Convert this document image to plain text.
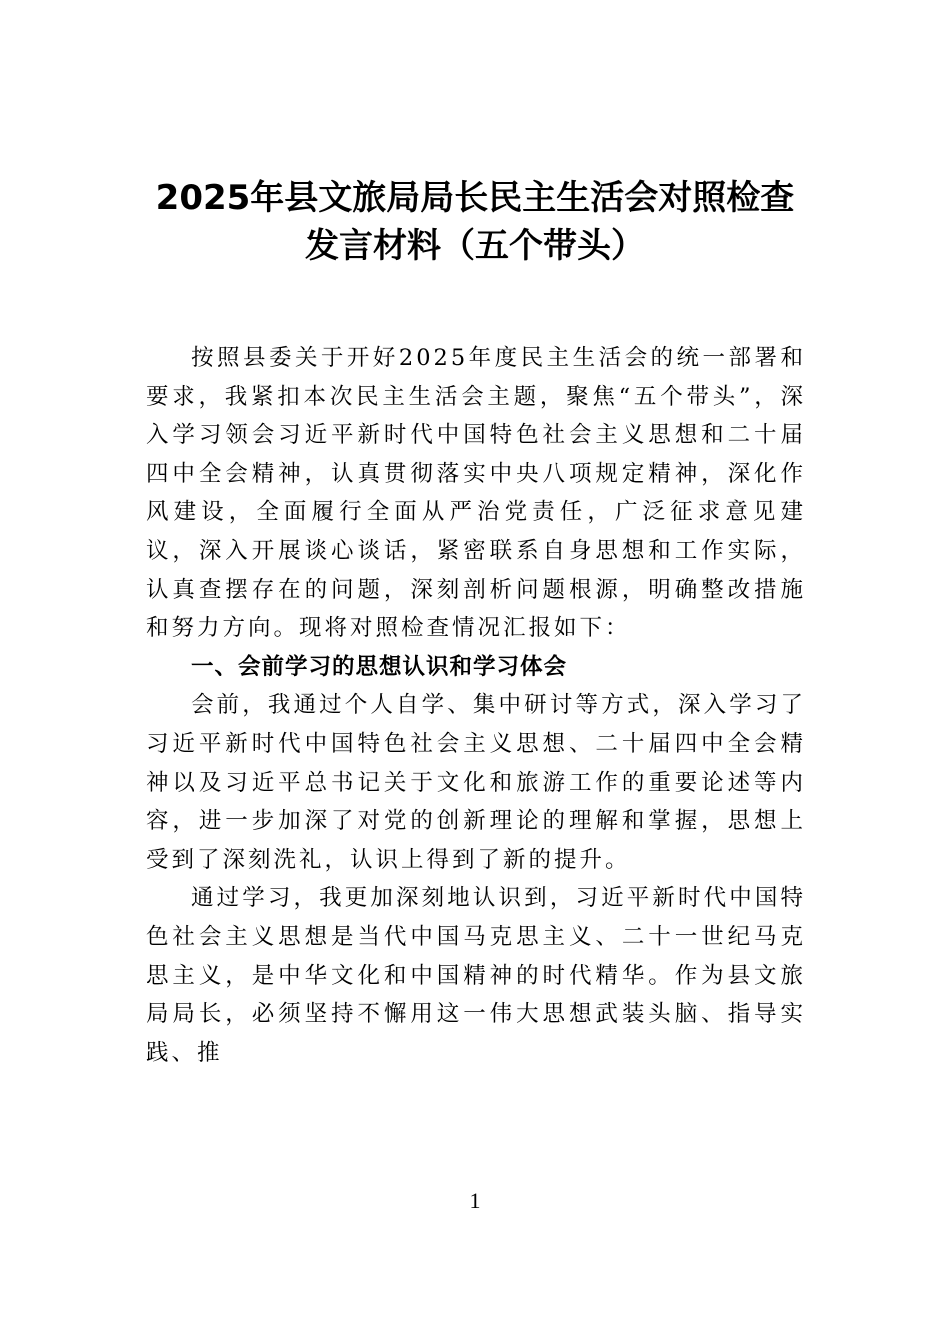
2025年县文旅局局长民主生活会对照检查
发言材料（五个带头）

按照县委关于开好2025年度民主生活会的统一部署和要求，我紧扣本次民主生活会主题，聚焦“五个带头”，深入学习领会习近平新时代中国特色社会主义思想和二十届四中全会精神，认真贯彻落实中央八项规定精神，深化作风建设，全面履行全面从严治党责任，广泛征求意见建议，深入开展谈心谈话，紧密联系自身思想和工作实际，认真查摆存在的问题，深刻剖析问题根源，明确整改措施和努力方向。现将对照检查情况汇报如下：

一、会前学习的思想认识和学习体会

会前，我通过个人自学、集中研讨等方式，深入学习了习近平新时代中国特色社会主义思想、二十届四中全会精神以及习近平总书记关于文化和旅游工作的重要论述等内容，进一步加深了对党的创新理论的理解和掌握，思想上受到了深刻洗礼，认识上得到了新的提升。

通过学习，我更加深刻地认识到，习近平新时代中国特色社会主义思想是当代中国马克思主义、二十一世纪马克思主义，是中华文化和中国精神的时代精华。作为县文旅局局长，必须坚持不懈用这一伟大思想武装头脑、指导实践、推

1
